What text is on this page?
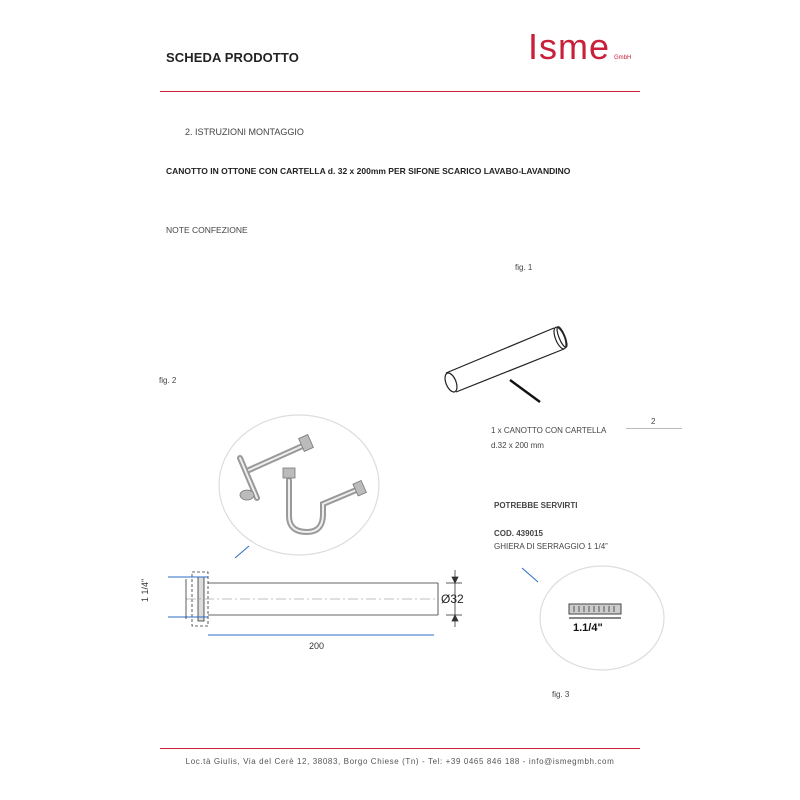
SCHEDA PRODOTTO	Isme GmbH
2. ISTRUZIONI MONTAGGIO
CANOTTO IN OTTONE CON CARTELLA d. 32 x 200mm PER SIFONE SCARICO LAVABO-LAVANDINO
NOTE CONFEZIONE
fig. 1
fig. 2
fig. 3
2
1 x CANOTTO CON CARTELLA
d.32 x 200 mm
Ø32
200
1 1/4"
POTREBBE SERVIRTI
COD. 439015
GHIERA DI SERRAGGIO 1 1/4”
1.1/4"
Loc.tà Giulis, Via del Cerè 12, 38083, Borgo Chiese (Tn) - Tel: +39 0465 846 188 - info@ismegmbh.com
